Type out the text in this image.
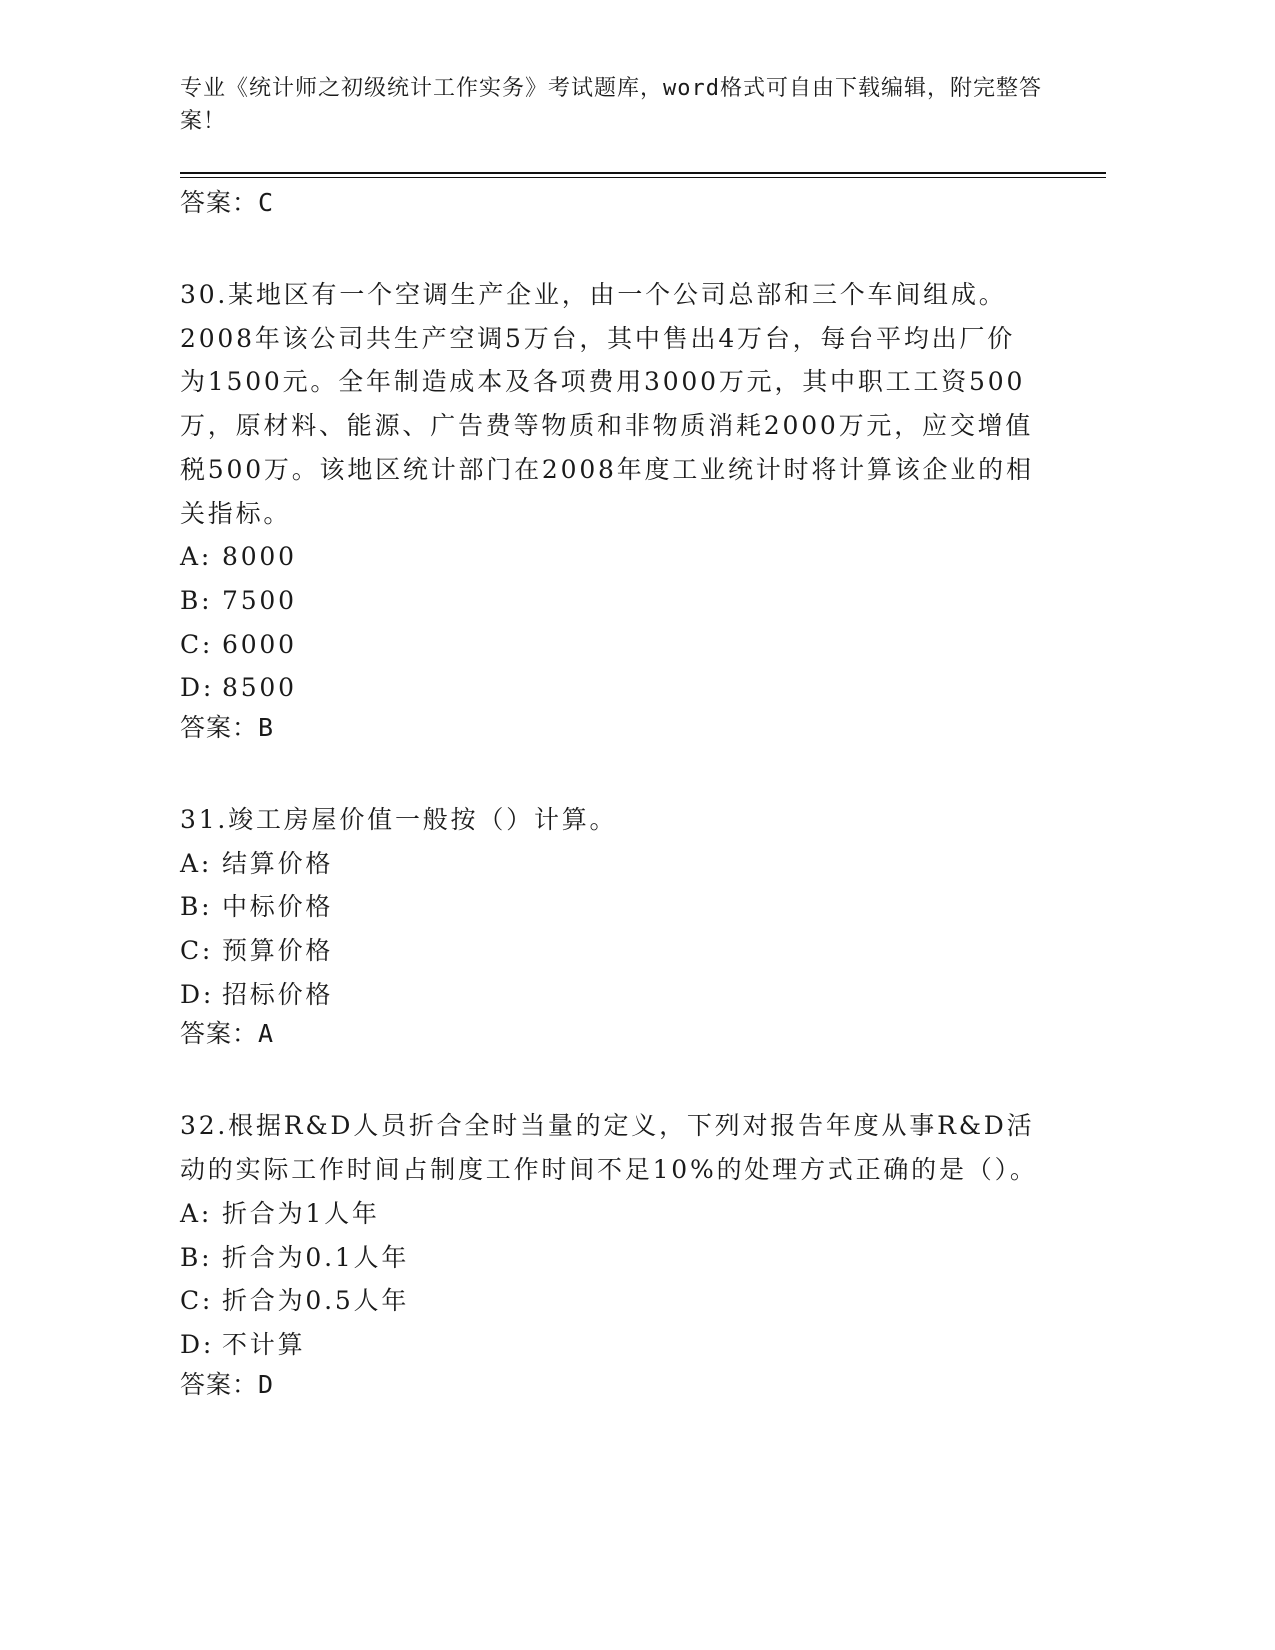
专业《统计师之初级统计工作实务》考试题库，word格式可自由下载编辑，附完整答案！
答案：C
30.某地区有一个空调生产企业，由一个公司总部和三个车间组成。2008年该公司共生产空调5万台，其中售出4万台，每台平均出厂价为1500元。全年制造成本及各项费用3000万元，其中职工工资500万，原材料、能源、广告费等物质和非物质消耗2000万元，应交增值税500万。该地区统计部门在2008年度工业统计时将计算该企业的相关指标。
A: 8000
B: 7500
C: 6000
D: 8500
答案：B
31.竣工房屋价值一般按（）计算。
A: 结算价格
B: 中标价格
C: 预算价格
D: 招标价格
答案：A
32.根据R&D人员折合全时当量的定义，下列对报告年度从事R&D活动的实际工作时间占制度工作时间不足10%的处理方式正确的是（）。
A: 折合为1人年
B: 折合为0.1人年
C: 折合为0.5人年
D: 不计算
答案：D
